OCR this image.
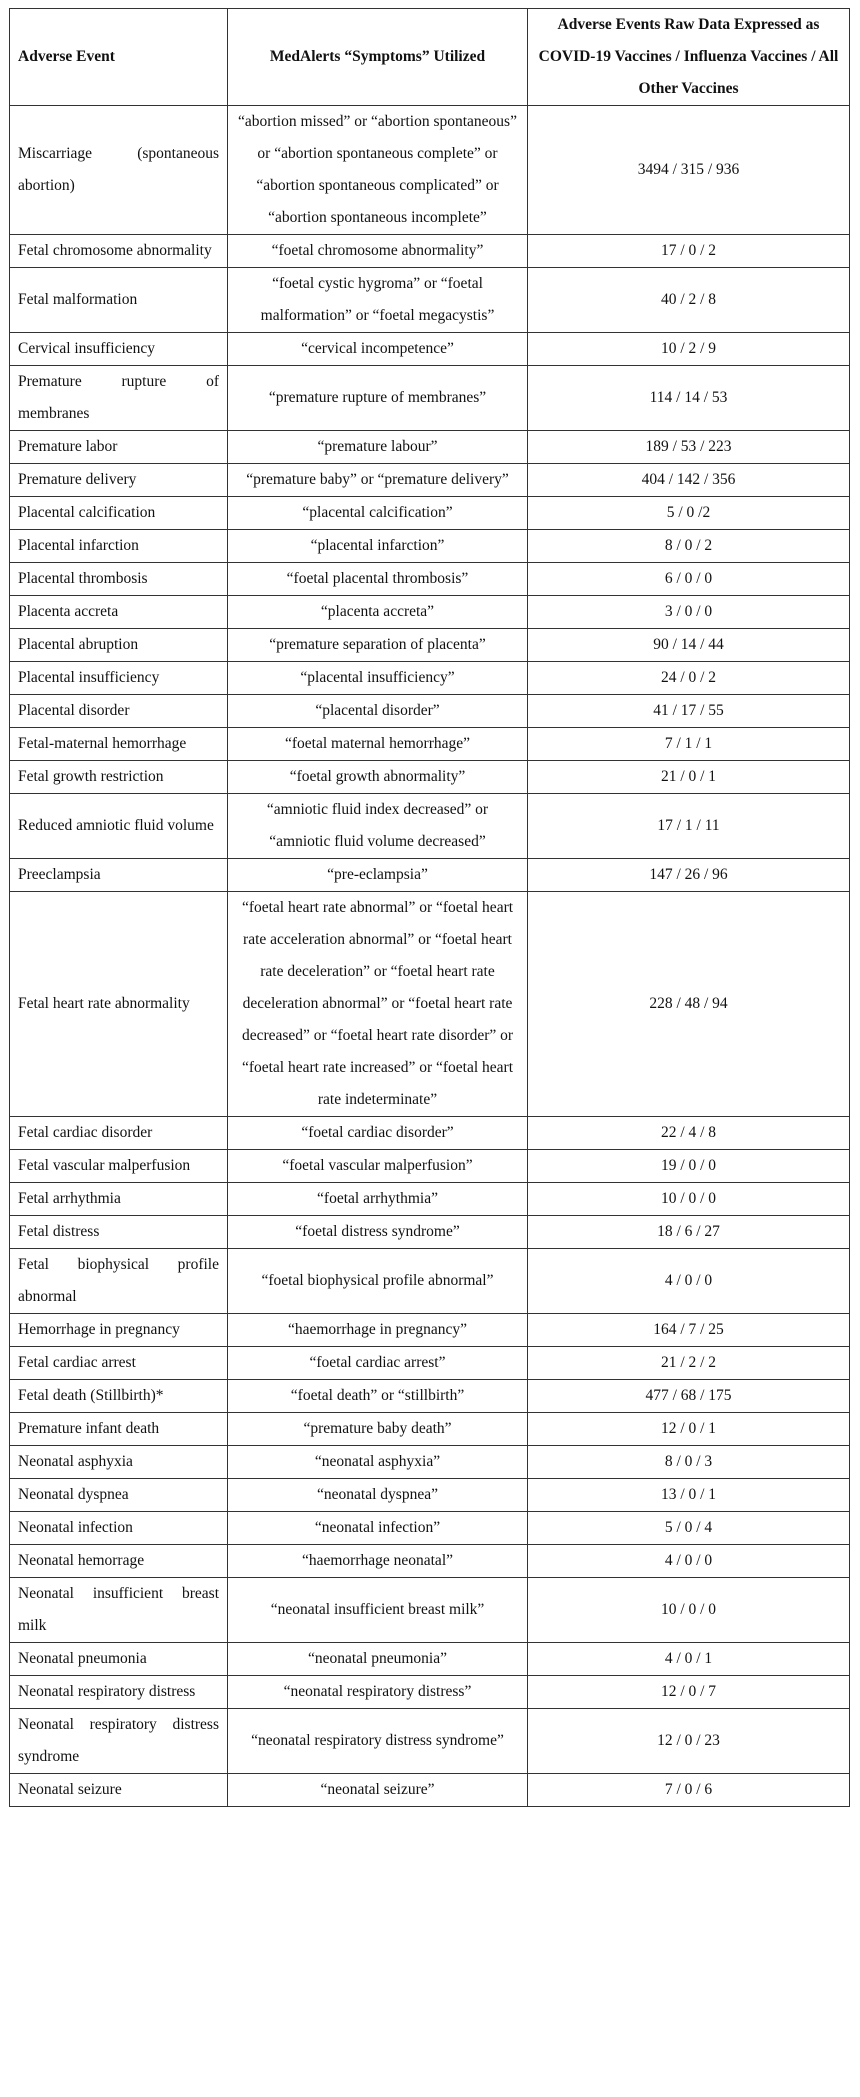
Adverse Event	MedAlerts “Symptoms” Utilized	Adverse Events Raw Data Expressed as COVID-19 Vaccines / Influenza Vaccines / All Other Vaccines
Miscarriage (spontaneous abortion)	“abortion missed” or “abortion spontaneous” or “abortion spontaneous complete” or “abortion spontaneous complicated” or “abortion spontaneous incomplete”	3494 / 315 / 936
Fetal chromosome abnormality	“foetal chromosome abnormality”	17 / 0 / 2
Fetal malformation	“foetal cystic hygroma” or “foetal malformation” or “foetal megacystis”	40 / 2 / 8
Cervical insufficiency	“cervical incompetence”	10 / 2 / 9
Premature rupture of membranes	“premature rupture of membranes”	114 / 14 / 53
Premature labor	“premature labour”	189 / 53 / 223
Premature delivery	“premature baby” or “premature delivery”	404 / 142 / 356
Placental calcification	“placental calcification”	5 / 0 /2
Placental infarction	“placental infarction”	8 / 0 / 2
Placental thrombosis	“foetal placental thrombosis”	6 / 0 / 0
Placenta accreta	“placenta accreta”	3 / 0 / 0
Placental abruption	“premature separation of placenta”	90 / 14 / 44
Placental insufficiency	“placental insufficiency”	24 / 0 / 2
Placental disorder	“placental disorder”	41 / 17 / 55
Fetal-maternal hemorrhage	“foetal maternal hemorrhage”	7 / 1 / 1
Fetal growth restriction	“foetal growth abnormality”	21 / 0 / 1
Reduced amniotic fluid volume	“amniotic fluid index decreased” or “amniotic fluid volume decreased”	17 / 1 / 11
Preeclampsia	“pre-eclampsia”	147 / 26 / 96
Fetal heart rate abnormality	“foetal heart rate abnormal” or “foetal heart rate acceleration abnormal” or “foetal heart rate deceleration” or “foetal heart rate deceleration abnormal” or “foetal heart rate decreased” or “foetal heart rate disorder” or “foetal heart rate increased” or “foetal heart rate indeterminate”	228 / 48 / 94
Fetal cardiac disorder	“foetal cardiac disorder”	22 / 4 / 8
Fetal vascular malperfusion	“foetal vascular malperfusion”	19 / 0 / 0
Fetal arrhythmia	“foetal arrhythmia”	10 / 0 / 0
Fetal distress	“foetal distress syndrome”	18 / 6 / 27
Fetal biophysical profile abnormal	“foetal biophysical profile abnormal”	4 / 0 / 0
Hemorrhage in pregnancy	“haemorrhage in pregnancy”	164 / 7 / 25
Fetal cardiac arrest	“foetal cardiac arrest”	21 / 2 / 2
Fetal death (Stillbirth)*	“foetal death” or “stillbirth”	477 / 68 / 175
Premature infant death	“premature baby death”	12 / 0 / 1
Neonatal asphyxia	“neonatal asphyxia”	8 / 0 / 3
Neonatal dyspnea	“neonatal dyspnea”	13 / 0 / 1
Neonatal infection	“neonatal infection”	5 / 0 / 4
Neonatal hemorrage	“haemorrhage neonatal”	4 / 0 / 0
Neonatal insufficient breast milk	“neonatal insufficient breast milk”	10 / 0 / 0
Neonatal pneumonia	“neonatal pneumonia”	4 / 0 / 1
Neonatal respiratory distress	“neonatal respiratory distress”	12 / 0 / 7
Neonatal respiratory distress syndrome	“neonatal respiratory distress syndrome”	12 / 0 / 23
Neonatal seizure	“neonatal seizure”	7 / 0 / 6
